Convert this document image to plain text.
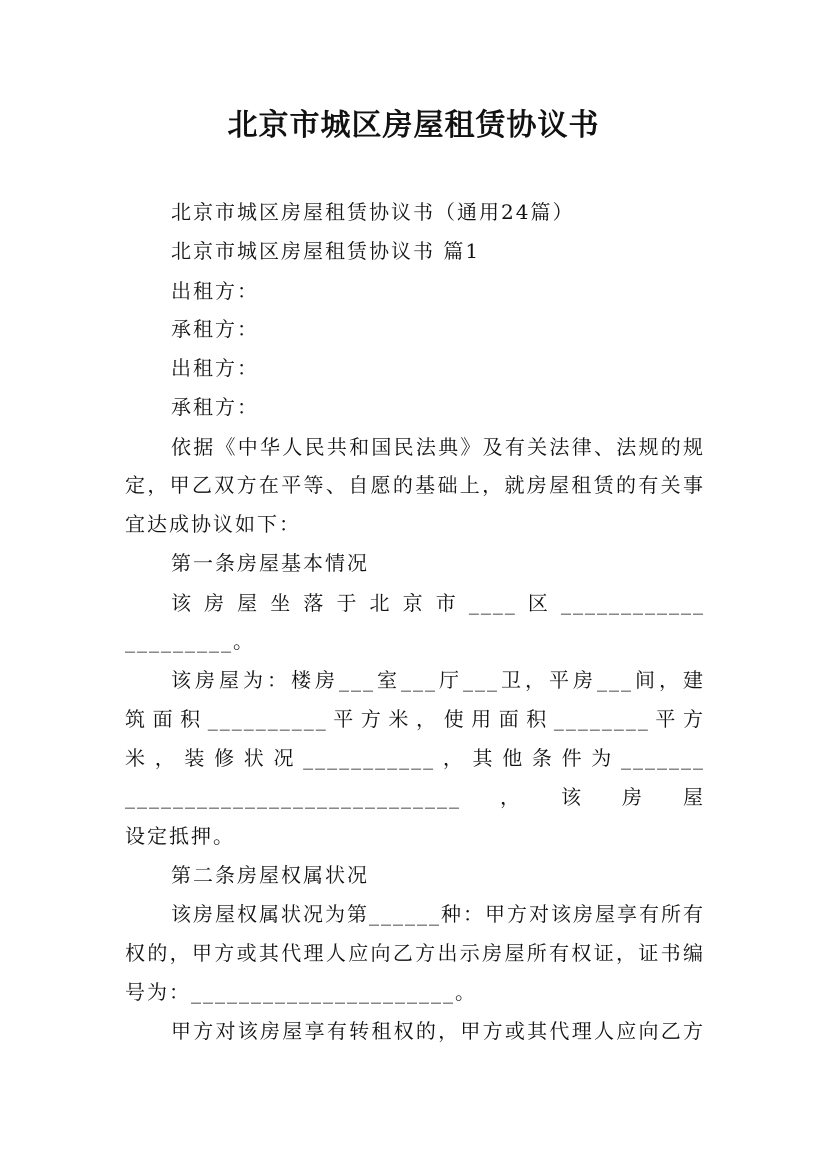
北京市城区房屋租赁协议书
北京市城区房屋租赁协议书（通用24篇）
北京市城区房屋租赁协议书 篇1
出租方：
承租方：
出租方：
承租方：
依据《中华人民共和国民法典》及有关法律、法规的规
定，甲乙双方在平等、自愿的基础上，就房屋租赁的有关事
宜达成协议如下：
第一条房屋基本情况
该房屋坐落于北京市____区____________
_________。
该房屋为：楼房___室___厅___卫，平房___间，建
筑面积__________平方米，使用面积________平方
米，装修状况___________，其他条件为_______
____________________________，该房屋
设定抵押。
第二条房屋权属状况
该房屋权属状况为第______种：甲方对该房屋享有所有
权的，甲方或其代理人应向乙方出示房屋所有权证，证书编
号为：______________________。
甲方对该房屋享有转租权的，甲方或其代理人应向乙方
